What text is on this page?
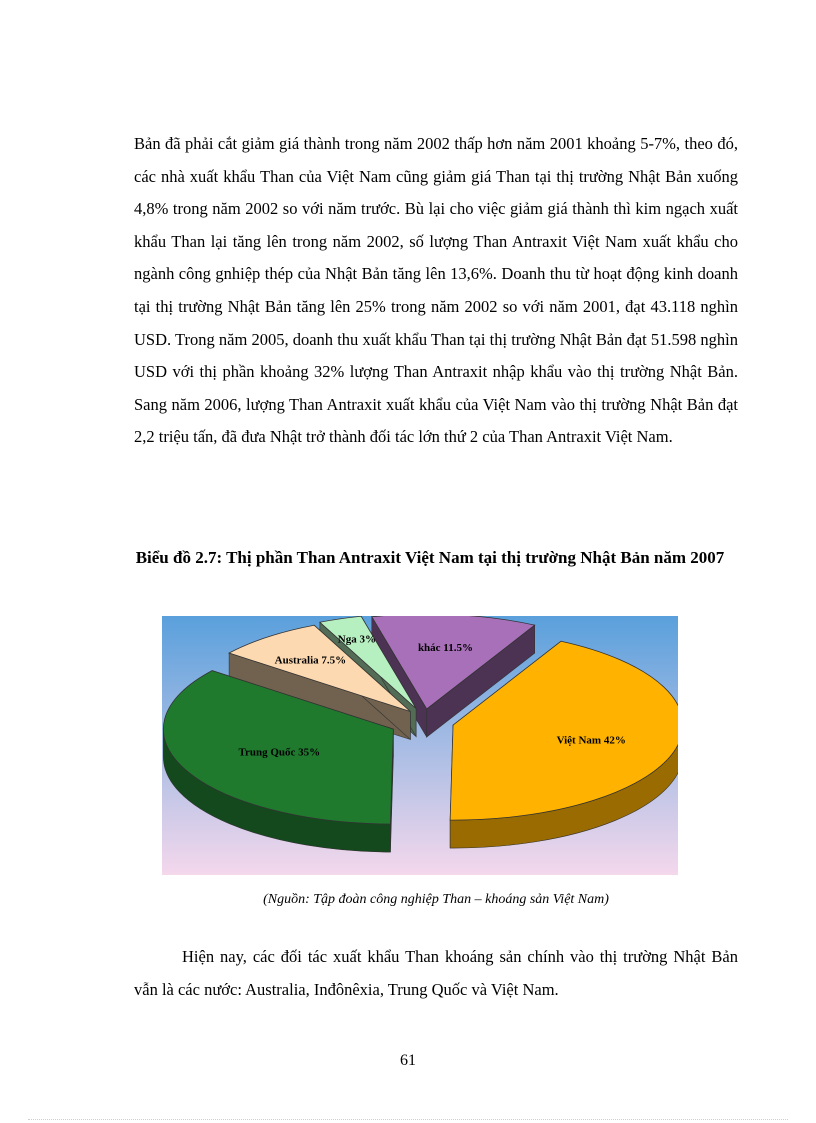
Bản đã phải cắt giảm giá thành trong năm 2002 thấp hơn năm 2001 khoảng 5-7%, theo đó, các nhà xuất khẩu Than của Việt Nam cũng giảm giá Than tại thị trường Nhật Bản xuống 4,8% trong năm 2002 so với năm trước. Bù lại cho việc giảm giá thành thì kim ngạch xuất khẩu Than lại tăng lên trong năm 2002, số lượng Than Antraxit Việt Nam xuất khẩu cho ngành công gnhiệp thép của Nhật Bản tăng lên 13,6%. Doanh thu từ hoạt động kinh doanh tại thị trường Nhật Bản tăng lên 25% trong năm 2002 so với năm 2001, đạt 43.118 nghìn USD. Trong năm 2005, doanh thu xuất khẩu Than tại thị trường Nhật Bản đạt 51.598 nghìn USD với thị phần khoảng 32% lượng Than Antraxit nhập khẩu vào thị trường Nhật Bản. Sang năm 2006, lượng Than Antraxit xuất khẩu của Việt Nam vào thị trường Nhật Bản đạt 2,2 triệu tấn, đã đưa Nhật trở thành đối tác lớn thứ 2 của Than Antraxit Việt Nam.

Biểu đồ 2.7: Thị phần Than Antraxit Việt Nam tại thị trường Nhật Bản năm 2007

khác 11.5%
Nga 3%
Australia 7.5%
Việt Nam 42%
Trung Quốc 35%

(Nguồn: Tập đoàn công nghiệp Than – khoáng sản Việt Nam)

Hiện nay, các đối tác xuất khẩu Than khoáng sản chính vào thị trường Nhật Bản vẫn là các nước: Australia, Inđônêxia, Trung Quốc và Việt Nam.

61
